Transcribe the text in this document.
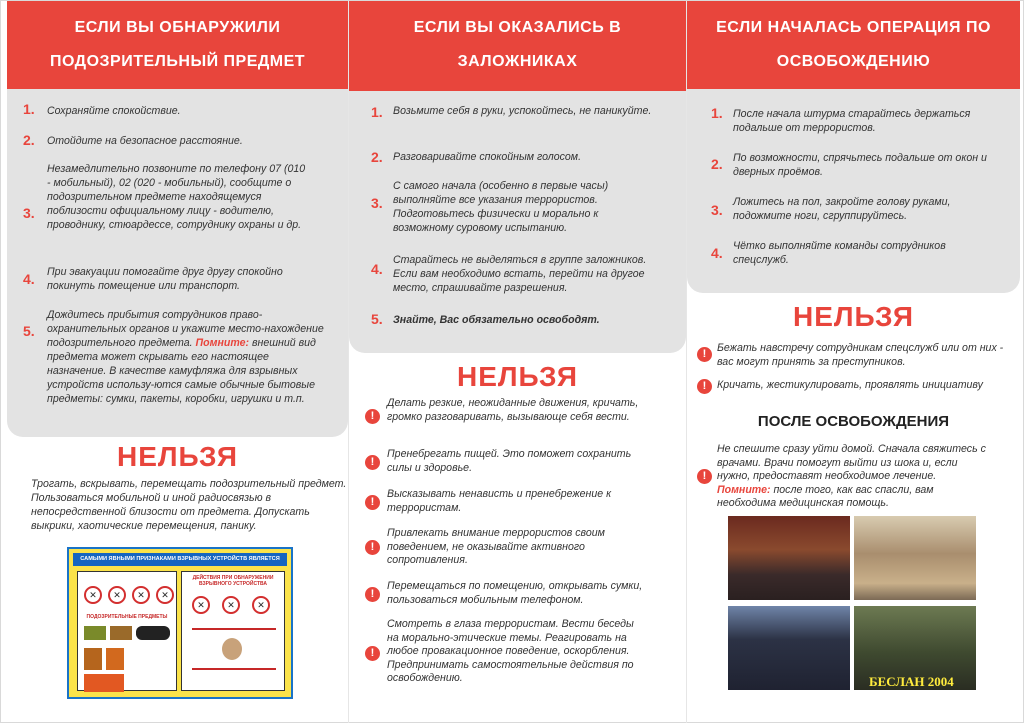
ЕСЛИ ВЫ ОБНАРУЖИЛИ ПОДОЗРИТЕЛЬНЫЙ ПРЕДМЕТ
1. Сохраняйте спокойствие.
2. Отойдите на безопасное расстояние.
3.
Незамедлительно позвоните по телефону 07 (010 - мобильный), 02 (020 - мобильный), сообщите о подозрительном предмете находящемуся поблизости официальному лицу - водителю, проводнику, стюардессе, сотруднику охраны и др.
4. При эвакуации помогайте друг другу спокойно покинуть помещение или транспорт.
5.
Дождитесь прибытия сотрудников право-охранительных органов и укажите место-нахождение подозрительного предмета. Помните: внешний вид предмета может скрывать его настоящее назначение. В качестве камуфляжа для взрывных устройств использу-ются самые обычные бытовые предметы: сумки, пакеты, коробки, игрушки и т.п.
НЕЛЬЗЯ
Трогать, вскрывать, перемещать подозрительный предмет. Пользоваться мобильной и иной радиосвязью в непосредственной близости от предмета. Допускать выкрики, хаотические перемещения, панику.
САМЫМИ ЯВНЫМИ ПРИЗНАКАМИ ВЗРЫВНЫХ УСТРОЙСТВ ЯВЛЯЕТСЯ
✕	✕	✕	✕
ПОДОЗРИТЕЛЬНЫЕ ПРЕДМЕТЫ
ДЕЙСТВИЯ ПРИ ОБНАРУЖЕНИИ ВЗРЫВНОГО УСТРОЙСТВА
✕	✕	✕
ЕСЛИ ВЫ ОКАЗАЛИСЬ В ЗАЛОЖНИКАХ
1. Возьмите себя в руки, успокойтесь, не паникуйте.
2. Разговаривайте спокойным голосом.
3.
С самого начала (особенно в первые часы) выполняйте все указания террористов. Подготовьтесь физически и морально к возможному суровому испытанию.
4.
Старайтесь не выделяться в группе заложников. Если вам необходимо встать, перейти на другое место, спрашивайте разрешения.
5. Знайте, Вас обязательно освободят.
НЕЛЬЗЯ
!
Делать резкие, неожиданные движения, кричать, громко разговаривать, вызывающе себя вести.
!
Пренебрегать пищей. Это поможет сохранить силы и здоровье.
!
Высказывать ненависть и пренебрежение к террористам.
!
Привлекать внимание террористов своим поведением, не оказывайте активного сопротивления.
!
Перемещаться по помещению, открывать сумки, пользоваться мобильным телефоном.
!
Смотреть в глаза террористам. Вести беседы на морально-этические темы. Реагировать на любое провакационное поведение, оскорбления. Предпринимать самостоятельные действия по освобождению.
ЕСЛИ НАЧАЛАСЬ ОПЕРАЦИЯ ПО ОСВОБОЖДЕНИЮ
1. После начала штурма старайтесь держаться подальше от террористов.
2. По возможности, спрячьтесь подальше от окон и дверных проёмов.
3. Ложитесь на пол, закройте голову руками, подожмите ноги, сгруппируйтесь.
4. Чётко выполняйте команды сотрудников спецслужб.
НЕЛЬЗЯ
!	Бежать навстречу сотрудникам спецслужб или от них - вас могут принять за преступников.
!	Кричать, жестикулировать, проявлять инициативу
ПОСЛЕ ОСВОБОЖДЕНИЯ
!
Не спешите сразу уйти домой. Сначала свяжитесь с врачами. Врачи помогут выйти из шока и, если нужно, предоставят необходимое лечение. Помните: после того, как вас спасли, вам необходима медицинская помощь.
БЕСЛАН 2004
